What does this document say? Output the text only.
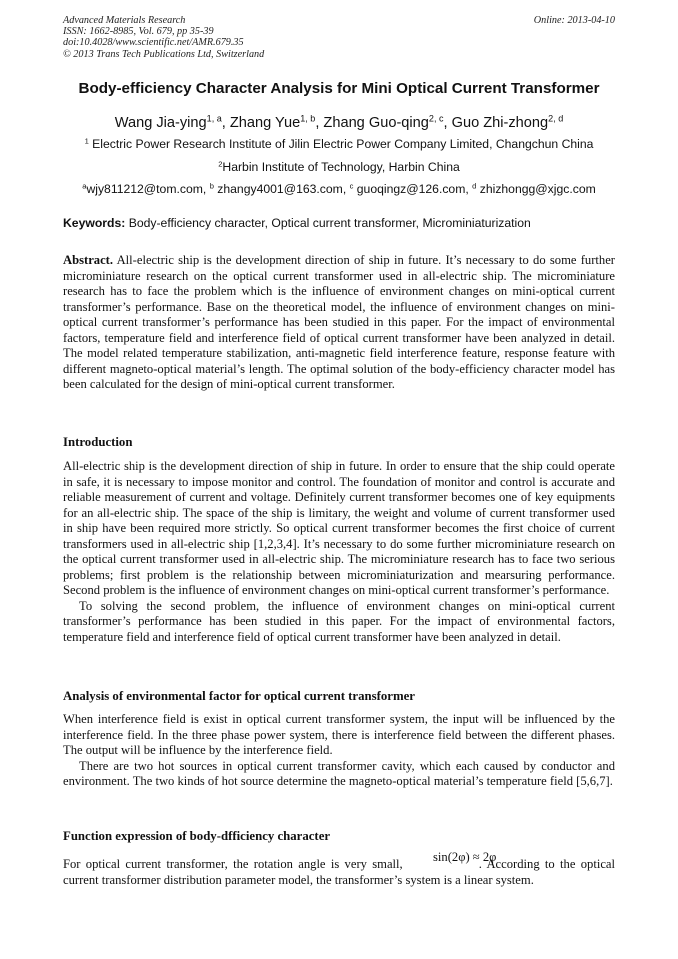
Advanced Materials Research
ISSN: 1662-8985, Vol. 679, pp 35-39
doi:10.4028/www.scientific.net/AMR.679.35
© 2013 Trans Tech Publications Ltd, Switzerland
Online: 2013-04-10
Body-efficiency Character Analysis for Mini Optical Current Transformer
Wang Jia-ying$^{1, a}$, Zhang Yue$^{1, b}$, Zhang Guo-qing$^{2, c}$, Guo Zhi-zhong$^{2, d}$
$^1$ Electric Power Research Institute of Jilin Electric Power Company Limited, Changchun China
$^2$Harbin Institute of Technology, Harbin China
$^a$wjy811212@tom.com, $^b$ zhangy4001@163.com, $^c$ guoqingz@126.com, $^d$ zhizhongg@xjgc.com
Keywords: Body-efficiency character, Optical current transformer, Microminiaturization

Abstract. All-electric ship is the development direction of ship in future. It’s necessary to do some further microminiature research on the optical current transformer used in all-electric ship. The microminiature research has to face the problem which is the influence of environment changes on mini-optical current transformer’s performance. Base on the theoretical model, the influence of environment changes on mini-optical current transformer’s performance has been studied in this paper. For the impact of environmental factors, temperature field and interference field of optical current transformer have been analyzed in detail. The model related temperature stabilization, anti-magnetic field interference feature, response feature with different magneto-optical material’s length. The optimal solution of the body-efficiency character model has been calculated for the design of mini-optical current transformer.

Introduction

All-electric ship is the development direction of ship in future. In order to ensure that the ship could operate in safe, it is necessary to impose monitor and control. The foundation of monitor and control is accurate and reliable measurement of current and voltage. Definitely current transformer becomes one of key equipments for an all-electric ship. The space of the ship is limitary, the weight and volume of current transformer used in ship have been required more strictly. So optical current transformer becomes the first choice of current transformers used in all-electric ship [1,2,3,4]. It’s necessary to do some further microminiature research on the optical current transformer used in all-electric ship. The microminiature research has to face two serious problems; first problem is the relationship between microminiaturization and mearsuring performance. Second problem is the influence of environment changes on mini-optical current transformer’s performance.

To solving the second problem, the influence of environment changes on mini-optical current transformer’s performance has been studied in this paper. For the impact of environmental factors, temperature field and interference field of optical current transformer have been analyzed in detail.

Analysis of environmental factor for optical current transformer

When interference field is exist in optical current transformer system, the input will be influenced by the interference field. In the three phase power system, there is interference field between the different phases. The output will be influence by the interference field.

There are two hot sources in optical current transformer cavity, which each caused by conductor and environment. The two kinds of hot source determine the magneto-optical material’s temperature field [5,6,7].

Function expression of body-dfficiency character

For optical current transformer, the rotation angle is very small,	. According to the optical current transformer distribution parameter model, the transformer’s system is a linear system.

sin(2φ) ≈ 2φ
